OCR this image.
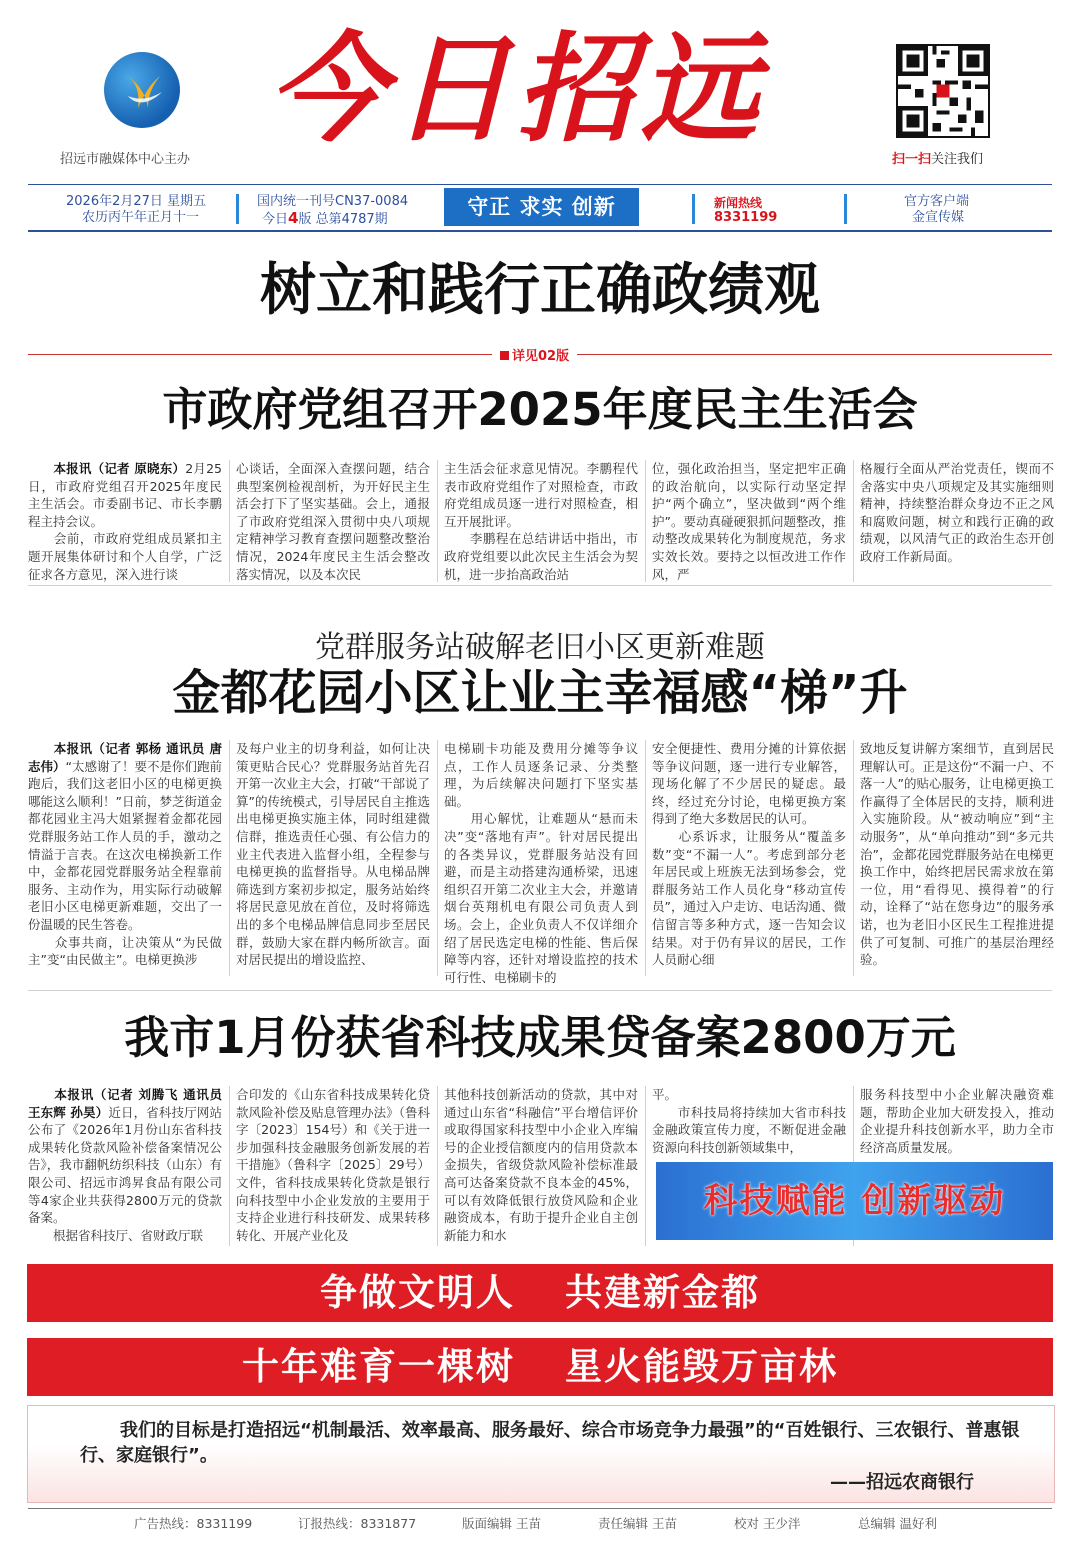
招远市融媒体中心主办
今日招远
扫一扫关注我们
2026年2月27日 星期五
农历丙午年正月十一
国内统一刊号CN37-0084
今日4版 总第4787期
守正 求实 创新	新闻热线
8331199
官方客户端
金宣传媒
树立和践行正确政绩观
详见02版
市政府党组召开2025年度民主生活会
　　本报讯（记者 原晓东）2月25日，市政府党组召开2025年度民主生活会。市委副书记、市长李鹏程主持会议。
　　会前，市政府党组成员紧扣主题开展集体研讨和个人自学，广泛征求各方意见，深入进行谈
心谈话，全面深入查摆问题，结合典型案例检视剖析，为开好民主生活会打下了坚实基础。会上，通报了市政府党组深入贯彻中央八项规定精神学习教育查摆问题整改整治情况，2024年度民主生活会整改落实情况，以及本次民
主生活会征求意见情况。李鹏程代表市政府党组作了对照检查，市政府党组成员逐一进行对照检查，相互开展批评。
　　李鹏程在总结讲话中指出，市政府党组要以此次民主生活会为契机，进一步抬高政治站
位，强化政治担当，坚定把牢正确的政治航向，以实际行动坚定捍护“两个确立”，坚决做到“两个维护”。要动真碰硬狠抓问题整改，推动整改成果转化为制度规范，务求实效长效。要持之以恒改进工作作风，严
格履行全面从严治党责任，锲而不舍落实中央八项规定及其实施细则精神，持续整治群众身边不正之风和腐败问题，树立和践行正确的政绩观，以风清气正的政治生态开创政府工作新局面。
党群服务站破解老旧小区更新难题
金都花园小区让业主幸福感“梯”升
　　本报讯（记者 郭杨 通讯员 唐志伟）“太感谢了！要不是你们跑前跑后，我们这老旧小区的电梯更换哪能这么顺利！”日前，梦芝街道金都花园业主冯大姐紧握着金都花园党群服务站工作人员的手，激动之情溢于言表。在这次电梯换新工作中，金都花园党群服务站全程靠前服务、主动作为，用实际行动破解老旧小区电梯更新难题，交出了一份温暖的民生答卷。
　　众事共商，让决策从“为民做主”变“由民做主”。电梯更换涉
及每户业主的切身利益，如何让决策更贴合民心？党群服务站首先召开第一次业主大会，打破“干部说了算”的传统模式，引导居民自主推选出电梯更换实施主体，同时组建微信群，推选责任心强、有公信力的业主代表进入监督小组，全程参与电梯更换的监督指导。从电梯品牌筛选到方案初步拟定，服务站始终将居民意见放在首位，及时将筛选出的多个电梯品牌信息同步至居民群，鼓励大家在群内畅所欲言。面对居民提出的增设监控、
电梯刷卡功能及费用分摊等争议点，工作人员逐条记录、分类整理，为后续解决问题打下坚实基础。
　　用心解忧，让难题从“悬而未决”变“落地有声”。针对居民提出的各类异议，党群服务站没有回避，而是主动搭建沟通桥梁，迅速组织召开第二次业主大会，并邀请烟台英翔机电有限公司负责人到场。会上，企业负责人不仅详细介绍了居民选定电梯的性能、售后保障等内容，还针对增设监控的技术可行性、电梯刷卡的
安全便捷性、费用分摊的计算依据等争议问题，逐一进行专业解答，现场化解了不少居民的疑虑。最终，经过充分讨论，电梯更换方案得到了绝大多数居民的认可。
　　心系诉求，让服务从“覆盖多数”变“不漏一人”。考虑到部分老年居民或上班族无法到场参会，党群服务站工作人员化身“移动宣传员”，通过入户走访、电话沟通、微信留言等多种方式，逐一告知会议结果。对于仍有异议的居民，工作人员耐心细
致地反复讲解方案细节，直到居民理解认可。正是这份“不漏一户、不落一人”的贴心服务，让电梯更换工作赢得了全体居民的支持，顺利进入实施阶段。从“被动响应”到“主动服务”，从“单向推动”到“多元共治”，金都花园党群服务站在电梯更换工作中，始终把居民需求放在第一位，用“看得见、摸得着”的行动，诠释了“站在您身边”的服务承诺，也为老旧小区民生工程推进提供了可复制、可推广的基层治理经验。
我市1月份获省科技成果贷备案2800万元
　　本报讯（记者 刘腾飞 通讯员 王东辉 孙昊）近日，省科技厅网站公布了《2026年1月份山东省科技成果转化贷款风险补偿备案情况公告》，我市翻帆纺织科技（山东）有限公司、招远市鸿昇食品有限公司等4家企业共获得2800万元的贷款备案。
　　根据省科技厅、省财政厅联
合印发的《山东省科技成果转化贷款风险补偿及贴息管理办法》（鲁科字〔2023〕154号）和《关于进一步加强科技金融服务创新发展的若干措施》（鲁科字〔2025〕29号）文件，省科技成果转化贷款是银行向科技型中小企业发放的主要用于支持企业进行科技研发、成果转移转化、开展产业化及
其他科技创新活动的贷款，其中对通过山东省“科融信”平台增信评价或取得国家科技型中小企业入库编号的企业授信额度内的信用贷款本金损失，省级贷款风险补偿标准最高可达备案贷款不良本金的45%，可以有效降低银行放贷风险和企业融资成本，有助于提升企业自主创新能力和水
平。
　　市科技局将持续加大省市科技金融政策宣传力度，不断促进金融资源向科技创新领域集中，
服务科技型中小企业解决融资难题，帮助企业加大研发投入，推动企业提升科技创新水平，助力全市经济高质量发展。
科技赋能 创新驱动
争做文明人 共建新金都
十年难育一棵树 星火能毁万亩林
我们的目标是打造招远“机制最活、效率最高、服务最好、综合市场竞争力最强”的“百姓银行、三农银行、普惠银行、家庭银行”。
——招远农商银行
广告热线：8331199	订报热线：8331877	版面编辑 王苗	责任编辑 王苗	校对 王少泮	总编辑 温好利
